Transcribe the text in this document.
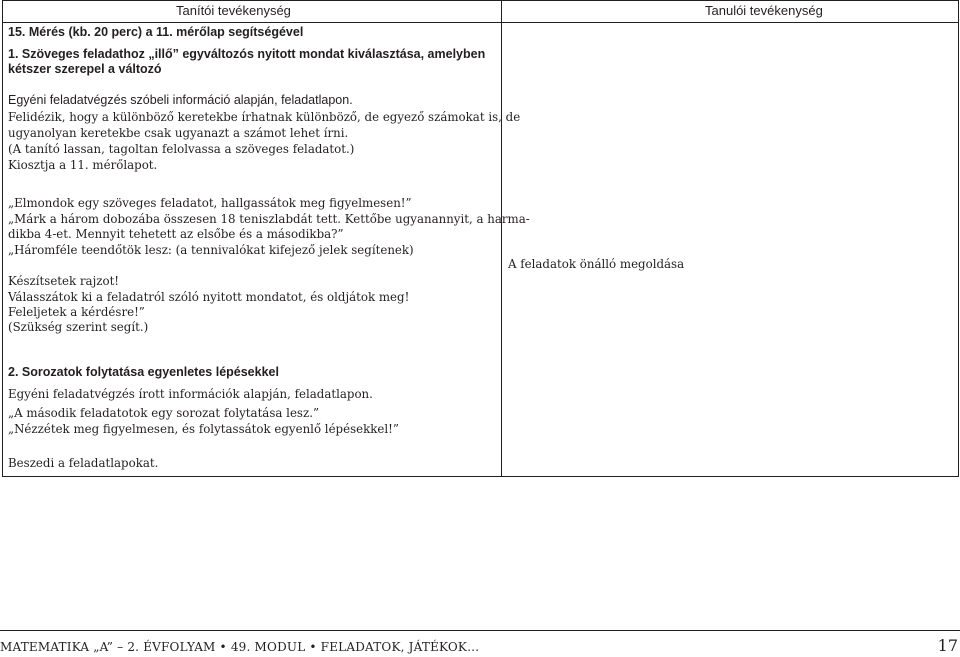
Tanítói tevékenység	Tanulói tevékenység
15. Mérés (kb. 20 perc) a 11. mérőlap segítségével
1. Szöveges feladathoz „illő” egyváltozós nyitott mondat kiválasztása, amelyben
kétszer szerepel a változó
Egyéni feladatvégzés szóbeli információ alapján, feladatlapon.
Felidézik, hogy a különböző keretekbe írhatnak különböző, de egyező számokat is, de
ugyanolyan keretekbe csak ugyanazt a számot lehet írni.
(A tanító lassan, tagoltan felolvassa a szöveges feladatot.)
Kiosztja a 11. mérőlapot.
„Elmondok egy szöveges feladatot, hallgassátok meg figyelmesen!”
„Márk a három dobozába összesen 18 teniszlabdát tett. Kettőbe ugyanannyit, a harma-
dikba 4-et. Mennyit tehetett az elsőbe és a másodikba?”
„Háromféle teendőtök lesz: (a tennivalókat kifejező jelek segítenek)
Készítsetek rajzot!
Válasszátok ki a feladatról szóló nyitott mondatot, és oldjátok meg!
Feleljetek a kérdésre!”
(Szükség szerint segít.)
2. Sorozatok folytatása egyenletes lépésekkel
Egyéni feladatvégzés írott információk alapján, feladatlapon.
„A második feladatotok egy sorozat folytatása lesz.”
„Nézzétek meg figyelmesen, és folytassátok egyenlő lépésekkel!”
Beszedi a feladatlapokat.
A feladatok önálló megoldása
MATEMATIKA „A” – 2. ÉVFOLYAM • 49. MODUL • FELADATOK, JÁTÉKOK…	17
